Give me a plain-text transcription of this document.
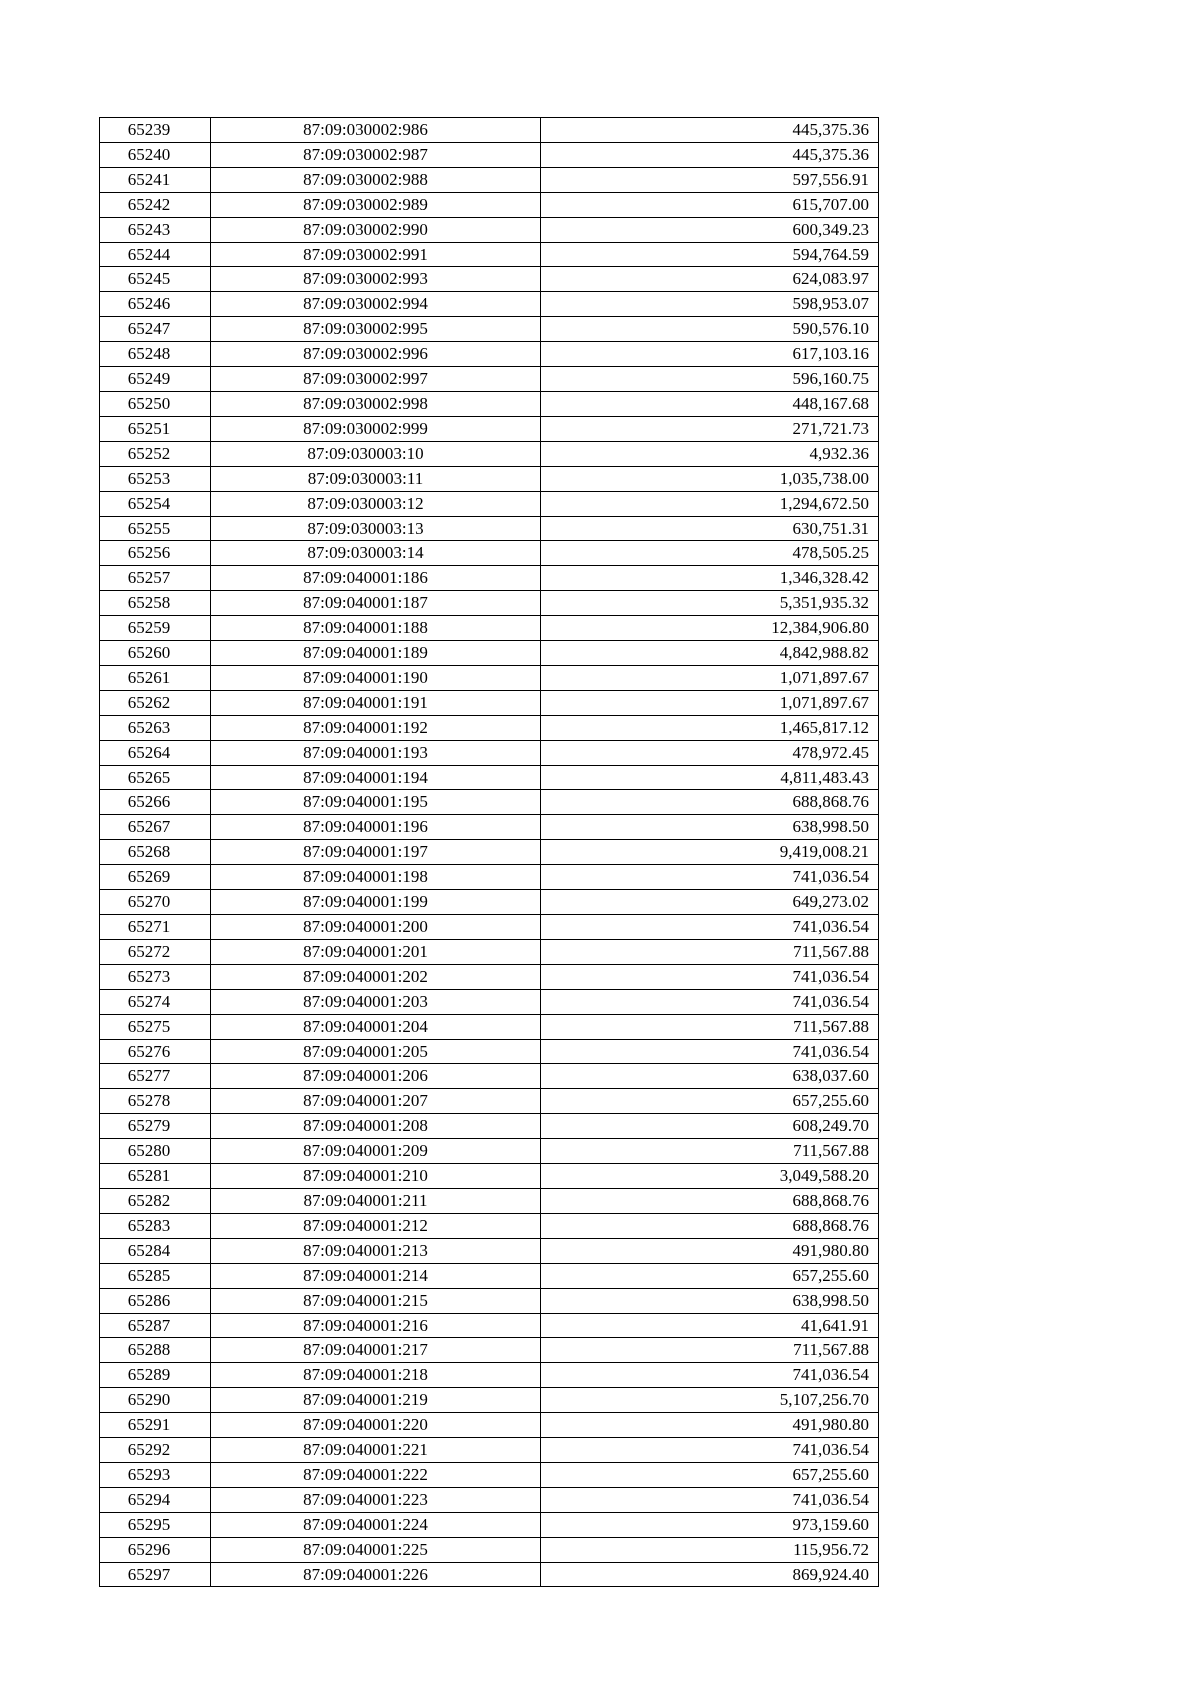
65239	87:09:030002:986	445,375.36
65240	87:09:030002:987	445,375.36
65241	87:09:030002:988	597,556.91
65242	87:09:030002:989	615,707.00
65243	87:09:030002:990	600,349.23
65244	87:09:030002:991	594,764.59
65245	87:09:030002:993	624,083.97
65246	87:09:030002:994	598,953.07
65247	87:09:030002:995	590,576.10
65248	87:09:030002:996	617,103.16
65249	87:09:030002:997	596,160.75
65250	87:09:030002:998	448,167.68
65251	87:09:030002:999	271,721.73
65252	87:09:030003:10	4,932.36
65253	87:09:030003:11	1,035,738.00
65254	87:09:030003:12	1,294,672.50
65255	87:09:030003:13	630,751.31
65256	87:09:030003:14	478,505.25
65257	87:09:040001:186	1,346,328.42
65258	87:09:040001:187	5,351,935.32
65259	87:09:040001:188	12,384,906.80
65260	87:09:040001:189	4,842,988.82
65261	87:09:040001:190	1,071,897.67
65262	87:09:040001:191	1,071,897.67
65263	87:09:040001:192	1,465,817.12
65264	87:09:040001:193	478,972.45
65265	87:09:040001:194	4,811,483.43
65266	87:09:040001:195	688,868.76
65267	87:09:040001:196	638,998.50
65268	87:09:040001:197	9,419,008.21
65269	87:09:040001:198	741,036.54
65270	87:09:040001:199	649,273.02
65271	87:09:040001:200	741,036.54
65272	87:09:040001:201	711,567.88
65273	87:09:040001:202	741,036.54
65274	87:09:040001:203	741,036.54
65275	87:09:040001:204	711,567.88
65276	87:09:040001:205	741,036.54
65277	87:09:040001:206	638,037.60
65278	87:09:040001:207	657,255.60
65279	87:09:040001:208	608,249.70
65280	87:09:040001:209	711,567.88
65281	87:09:040001:210	3,049,588.20
65282	87:09:040001:211	688,868.76
65283	87:09:040001:212	688,868.76
65284	87:09:040001:213	491,980.80
65285	87:09:040001:214	657,255.60
65286	87:09:040001:215	638,998.50
65287	87:09:040001:216	41,641.91
65288	87:09:040001:217	711,567.88
65289	87:09:040001:218	741,036.54
65290	87:09:040001:219	5,107,256.70
65291	87:09:040001:220	491,980.80
65292	87:09:040001:221	741,036.54
65293	87:09:040001:222	657,255.60
65294	87:09:040001:223	741,036.54
65295	87:09:040001:224	973,159.60
65296	87:09:040001:225	115,956.72
65297	87:09:040001:226	869,924.40
